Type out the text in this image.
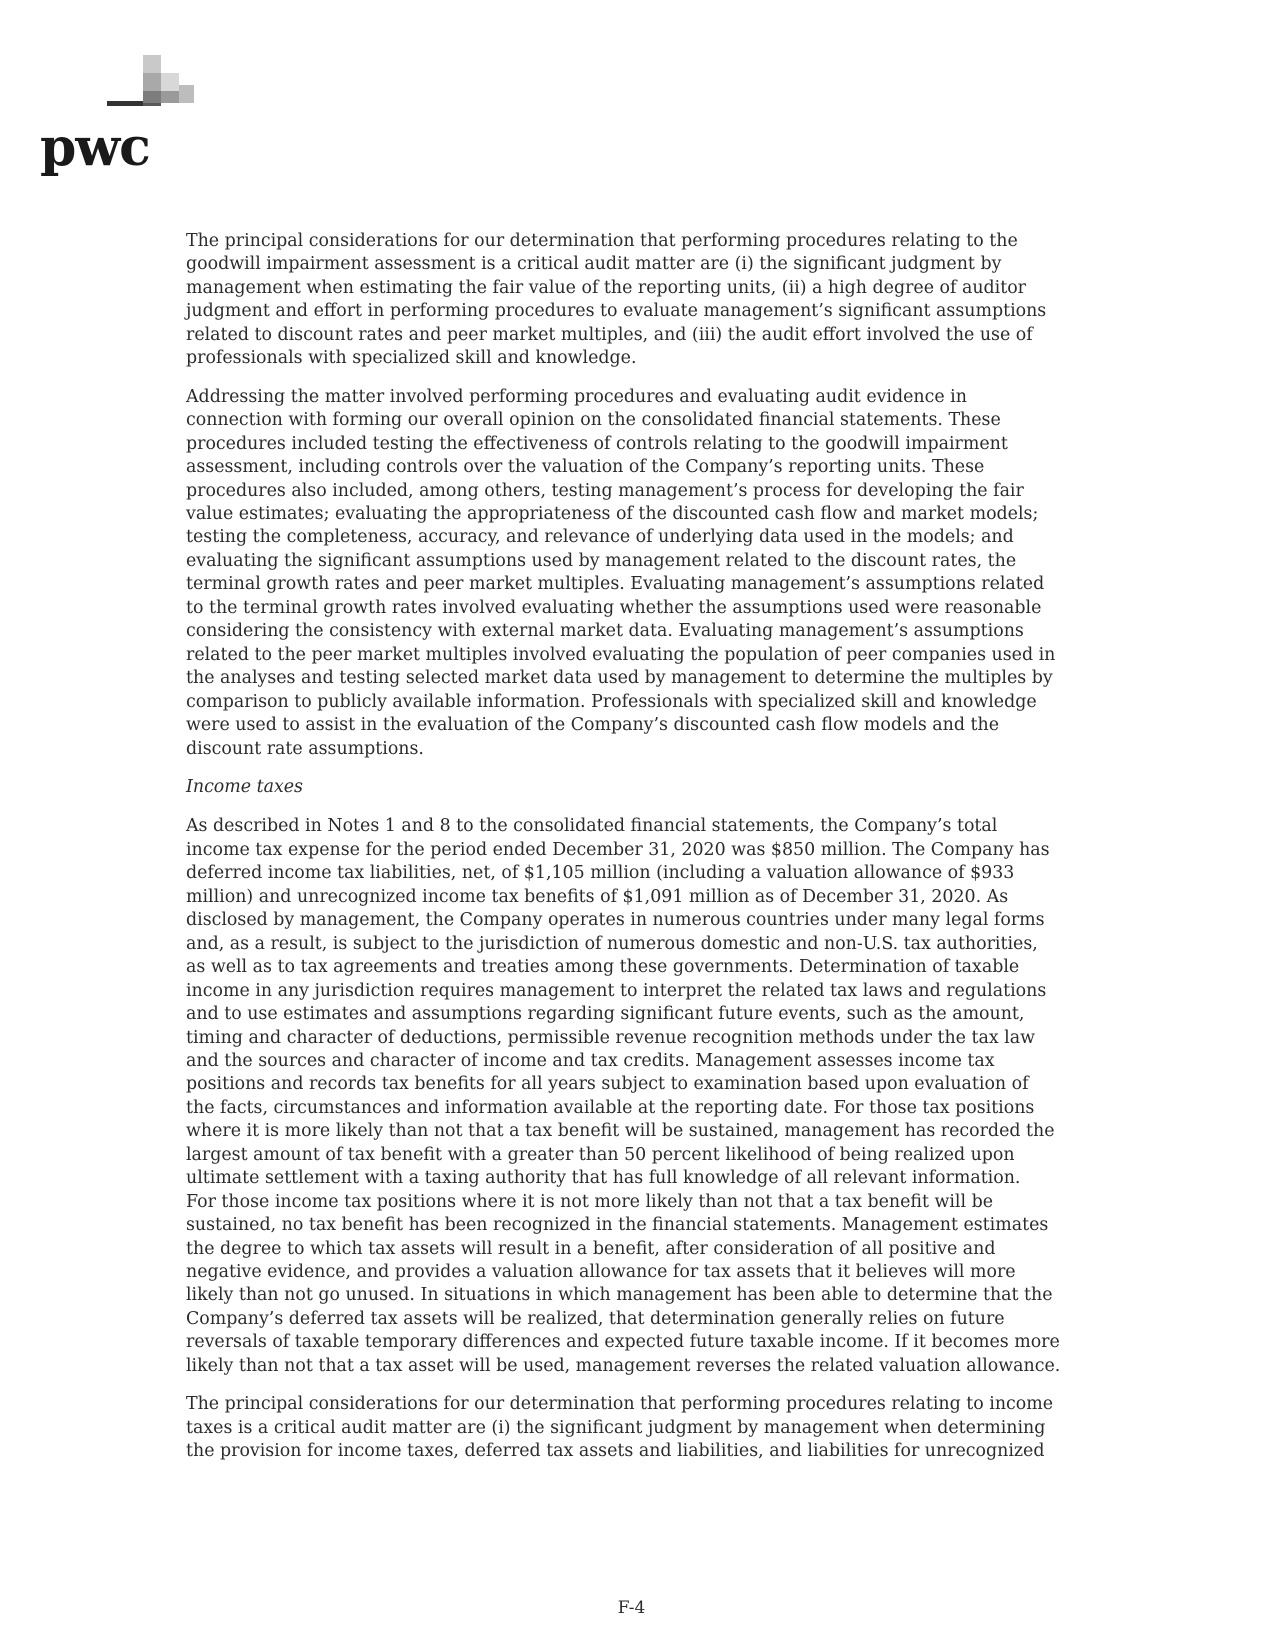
pwc
The principal considerations for our determination that performing procedures relating to the
goodwill impairment assessment is a critical audit matter are (i) the significant judgment by
management when estimating the fair value of the reporting units, (ii) a high degree of auditor
judgment and effort in performing procedures to evaluate management’s significant assumptions
related to discount rates and peer market multiples, and (iii) the audit effort involved the use of
professionals with specialized skill and knowledge.
Addressing the matter involved performing procedures and evaluating audit evidence in
connection with forming our overall opinion on the consolidated financial statements. These
procedures included testing the effectiveness of controls relating to the goodwill impairment
assessment, including controls over the valuation of the Company’s reporting units. These
procedures also included, among others, testing management’s process for developing the fair
value estimates; evaluating the appropriateness of the discounted cash flow and market models;
testing the completeness, accuracy, and relevance of underlying data used in the models; and
evaluating the significant assumptions used by management related to the discount rates, the
terminal growth rates and peer market multiples. Evaluating management’s assumptions related
to the terminal growth rates involved evaluating whether the assumptions used were reasonable
considering the consistency with external market data. Evaluating management’s assumptions
related to the peer market multiples involved evaluating the population of peer companies used in
the analyses and testing selected market data used by management to determine the multiples by
comparison to publicly available information. Professionals with specialized skill and knowledge
were used to assist in the evaluation of the Company’s discounted cash flow models and the
discount rate assumptions.
Income taxes
As described in Notes 1 and 8 to the consolidated financial statements, the Company’s total
income tax expense for the period ended December 31, 2020 was $850 million. The Company has
deferred income tax liabilities, net, of $1,105 million (including a valuation allowance of $933
million) and unrecognized income tax benefits of $1,091 million as of December 31, 2020. As
disclosed by management, the Company operates in numerous countries under many legal forms
and, as a result, is subject to the jurisdiction of numerous domestic and non-U.S. tax authorities,
as well as to tax agreements and treaties among these governments. Determination of taxable
income in any jurisdiction requires management to interpret the related tax laws and regulations
and to use estimates and assumptions regarding significant future events, such as the amount,
timing and character of deductions, permissible revenue recognition methods under the tax law
and the sources and character of income and tax credits. Management assesses income tax
positions and records tax benefits for all years subject to examination based upon evaluation of
the facts, circumstances and information available at the reporting date. For those tax positions
where it is more likely than not that a tax benefit will be sustained, management has recorded the
largest amount of tax benefit with a greater than 50 percent likelihood of being realized upon
ultimate settlement with a taxing authority that has full knowledge of all relevant information.
For those income tax positions where it is not more likely than not that a tax benefit will be
sustained, no tax benefit has been recognized in the financial statements. Management estimates
the degree to which tax assets will result in a benefit, after consideration of all positive and
negative evidence, and provides a valuation allowance for tax assets that it believes will more
likely than not go unused. In situations in which management has been able to determine that the
Company’s deferred tax assets will be realized, that determination generally relies on future
reversals of taxable temporary differences and expected future taxable income. If it becomes more
likely than not that a tax asset will be used, management reverses the related valuation allowance.
The principal considerations for our determination that performing procedures relating to income
taxes is a critical audit matter are (i) the significant judgment by management when determining
the provision for income taxes, deferred tax assets and liabilities, and liabilities for unrecognized
F-4
